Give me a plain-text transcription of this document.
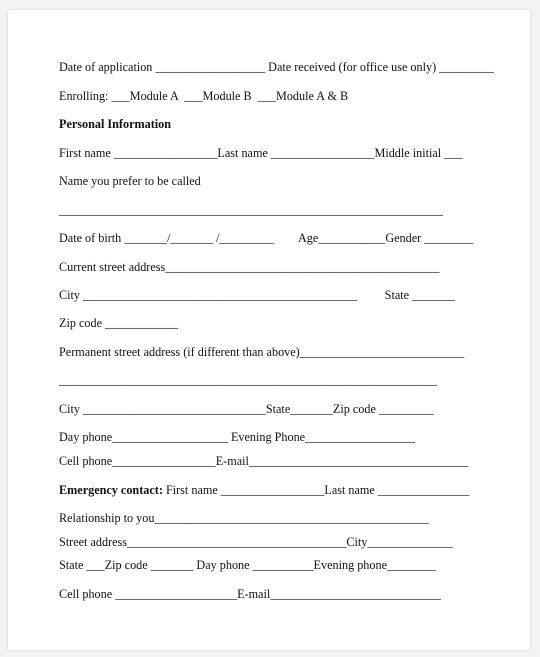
Date of application __________________ Date received (for office use only) _________
Enrolling: ___Module A  ___Module B  ___Module A & B
Personal Information
First name _________________Last name _________________Middle initial ___
Name you prefer to be called
_______________________________________________________________
Date of birth _______/_______ /_________        Age___________Gender ________
Current street address_____________________________________________
City _____________________________________________         State _______
Zip code ____________
Permanent street address (if different than above)___________________________
______________________________________________________________
City ______________________________State_______Zip code _________
Day phone___________________ Evening Phone__________________
Cell phone_________________E-mail____________________________________
Emergency contact: First name _________________Last name _______________
Relationship to you_____________________________________________
Street address____________________________________City______________
State ___Zip code _______ Day phone __________Evening phone________
Cell phone ____________________E-mail____________________________
